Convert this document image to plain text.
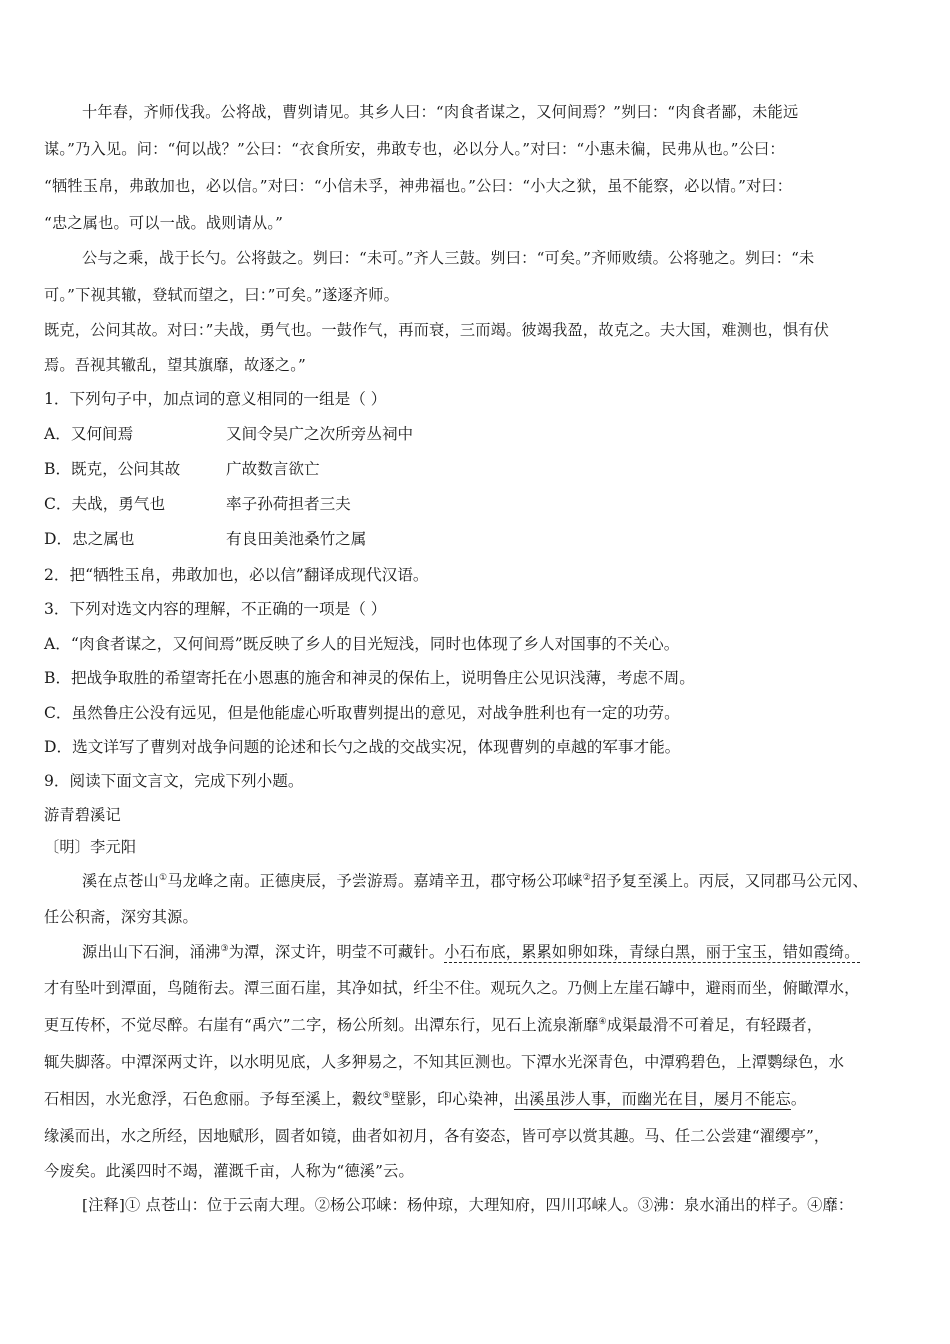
十年春，齐师伐我。公将战，曹刿请见。其乡人曰：“肉食者谋之，又何间焉？”刿曰：“肉食者鄙，未能远
谋。”乃入见。问：“何以战？”公曰：“衣食所安，弗敢专也，必以分人。”对曰：“小惠未徧，民弗从也。”公曰：
“牺牲玉帛，弗敢加也，必以信。”对曰：“小信未孚，神弗福也。”公曰：“小大之狱，虽不能察，必以情。”对曰：
“忠之属也。可以一战。战则请从。”
公与之乘，战于长勺。公将鼓之。刿曰：“未可。”齐人三鼓。刿曰：“可矣。”齐师败绩。公将驰之。刿曰：“未
可。”下视其辙，登轼而望之，曰：”可矣。”遂逐齐师。
既克，公问其故。对曰：”夫战，勇气也。一鼓作气，再而衰，三而竭。彼竭我盈，故克之。夫大国，难测也，惧有伏
焉。吾视其辙乱，望其旗靡，故逐之。”
1．下列句子中，加点词的意义相同的一组是（ ）
A．又何间焉	又间令吴广之次所旁丛祠中
B．既克，公问其故	广故数言欲亡
C．夫战，勇气也	率子孙荷担者三夫
D．忠之属也	有良田美池桑竹之属
2．把“牺牲玉帛，弗敢加也，必以信”翻译成现代汉语。
3．下列对选文内容的理解，不正确的一项是（ ）
A．“肉食者谋之，又何间焉”既反映了乡人的目光短浅，同时也体现了乡人对国事的不关心。
B．把战争取胜的希望寄托在小恩惠的施舍和神灵的保佑上，说明鲁庄公见识浅薄，考虑不周。
C．虽然鲁庄公没有远见，但是他能虚心听取曹刿提出的意见，对战争胜利也有一定的功劳。
D．选文详写了曹刿对战争问题的论述和长勺之战的交战实况，体现曹刿的卓越的军事才能。
9．阅读下面文言文，完成下列小题。
游青碧溪记
〔明〕李元阳
溪在点苍山①马龙峰之南。正德庚辰，予尝游焉。嘉靖辛丑，郡守杨公邛崃②招予复至溪上。丙辰，又同郡马公元冈、
任公积斋，深穷其源。
源出山下石涧，涌沸③为潭，深丈许，明莹不可藏针。小石布底，累累如卵如珠，青绿白黑，丽于宝玉，错如霞绮。
才有坠叶到潭面，鸟随衔去。潭三面石崖，其净如拭，纤尘不住。观玩久之。乃侧上左崖石罅中，避雨而坐，俯瞰潭水，
更互传杯，不觉尽醉。右崖有“禹穴”二字，杨公所刻。出潭东行，见石上流泉渐靡④成渠最滑不可着足，有轻蹑者，
辄失脚落。中潭深两丈许，以水明见底，人多狎易之，不知其叵测也。下潭水光深青色，中潭鸦碧色，上潭鹦绿色，水
石相因，水光愈浮，石色愈丽。予每至溪上，縠纹⑤壁影，印心染神，出溪虽涉人事，而幽光在目，屡月不能忘。
缘溪而出，水之所经，因地赋形，圆者如镜，曲者如初月，各有姿态，皆可亭以赏其趣。马、任二公尝建“濯缨亭”，
今废矣。此溪四时不竭，灌溉千亩，人称为“德溪”云。
[注释]① 点苍山：位于云南大理。②杨公邛崃：杨仲琼，大理知府，四川邛崃人。③沸：泉水涌出的样子。④靡：
